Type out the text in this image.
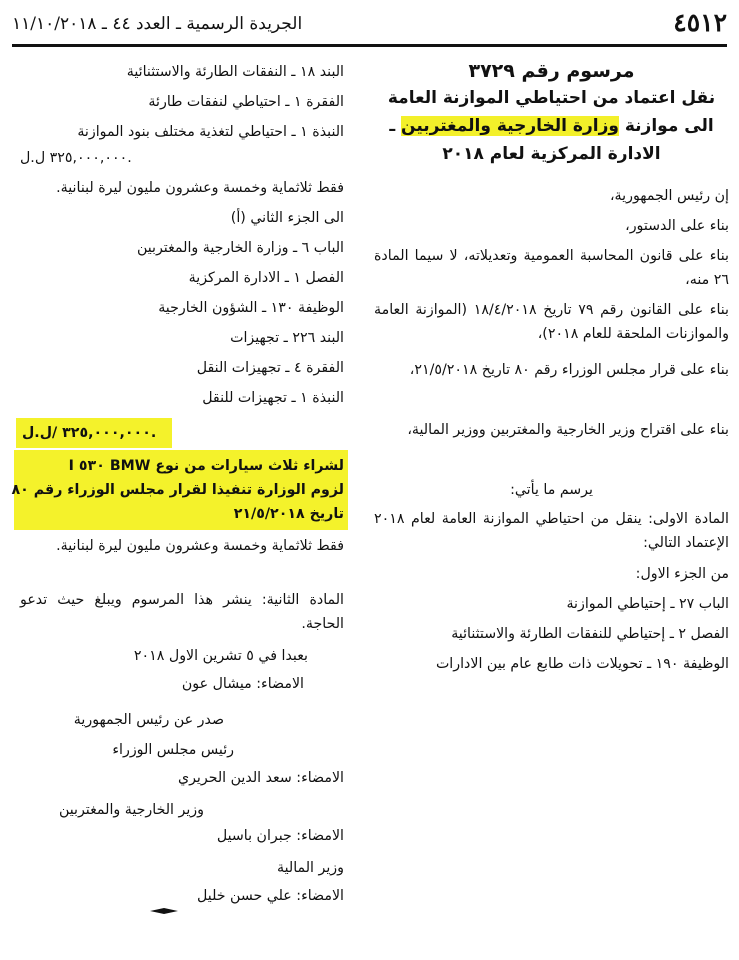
٤٥١٢
الجريدة الرسمية ـ العدد ٤٤ ـ ١١/١٠/٢٠١٨
مرسوم رقم ٣٧٢٩
نقل اعتماد من احتياطي الموازنة العامة
الى موازنة وزارة الخارجية والمغتربين ـ
الادارة المركزية لعام ٢٠١٨
إن رئيس الجمهورية،
بناء على الدستور،
بناء على قانون المحاسبة العمومية وتعديلاته، لا سيما المادة ٢٦ منه،
بناء على القانون رقم ٧٩ تاريخ ١٨/٤/٢٠١٨ (الموازنة العامة والموازنات الملحقة للعام ٢٠١٨)،
بناء على قرار مجلس الوزراء رقم ٨٠ تاريخ ٢١/٥/٢٠١٨،
بناء على اقتراح وزير الخارجية والمغتربين ووزير المالية،
يرسم ما يأتي:
المادة الاولى: ينقل من احتياطي الموازنة العامة لعام ٢٠١٨ الإعتماد التالي:
من الجزء الاول:
الباب ٢٧ ـ إحتياطي الموازنة
الفصل ٢ ـ إحتياطي للنفقات الطارئة والاستثنائية
الوظيفة ١٩٠ ـ تحويلات ذات طابع عام بين الادارات
البند ١٨ ـ النفقات الطارئة والاستثنائية
الفقرة ١ ـ احتياطي لنفقات طارئة
النبذة ١ ـ احتياطي لتغذية مختلف بنود الموازنة
٣٢٥,٠٠٠,٠٠٠ ل.ل.
فقط ثلاثماية وخمسة وعشرون مليون ليرة لبنانية.
الى الجزء الثاني (أ)
الباب ٦ ـ وزارة الخارجية والمغتربين
الفصل ١ ـ الادارة المركزية
الوظيفة ١٣٠ ـ الشؤون الخارجية
البند ٢٢٦ ـ تجهيزات
الفقرة ٤ ـ تجهيزات النقل
النبذة ١ ـ تجهيزات للنقل
٣٢٥,٠٠٠,٠٠٠ /ل.ل.
لشراء ثلاث سيارات من نوع BMW ٥٣٠ I
لزوم الوزارة تنفيذا لقرار مجلس الوزراء رقم ٨٠
تاريخ ٢١/٥/٢٠١٨
فقط ثلاثماية وخمسة وعشرون مليون ليرة لبنانية.
المادة الثانية: ينشر هذا المرسوم ويبلغ حيث تدعو الحاجة.
بعبدا في ٥ تشرين الاول ٢٠١٨
الامضاء: ميشال عون
صدر عن رئيس الجمهورية
رئيس مجلس الوزراء
الامضاء: سعد الدين الحريري
وزير الخارجية والمغتربين
الامضاء: جبران باسيل
وزير المالية
الامضاء: علي حسن خليل
